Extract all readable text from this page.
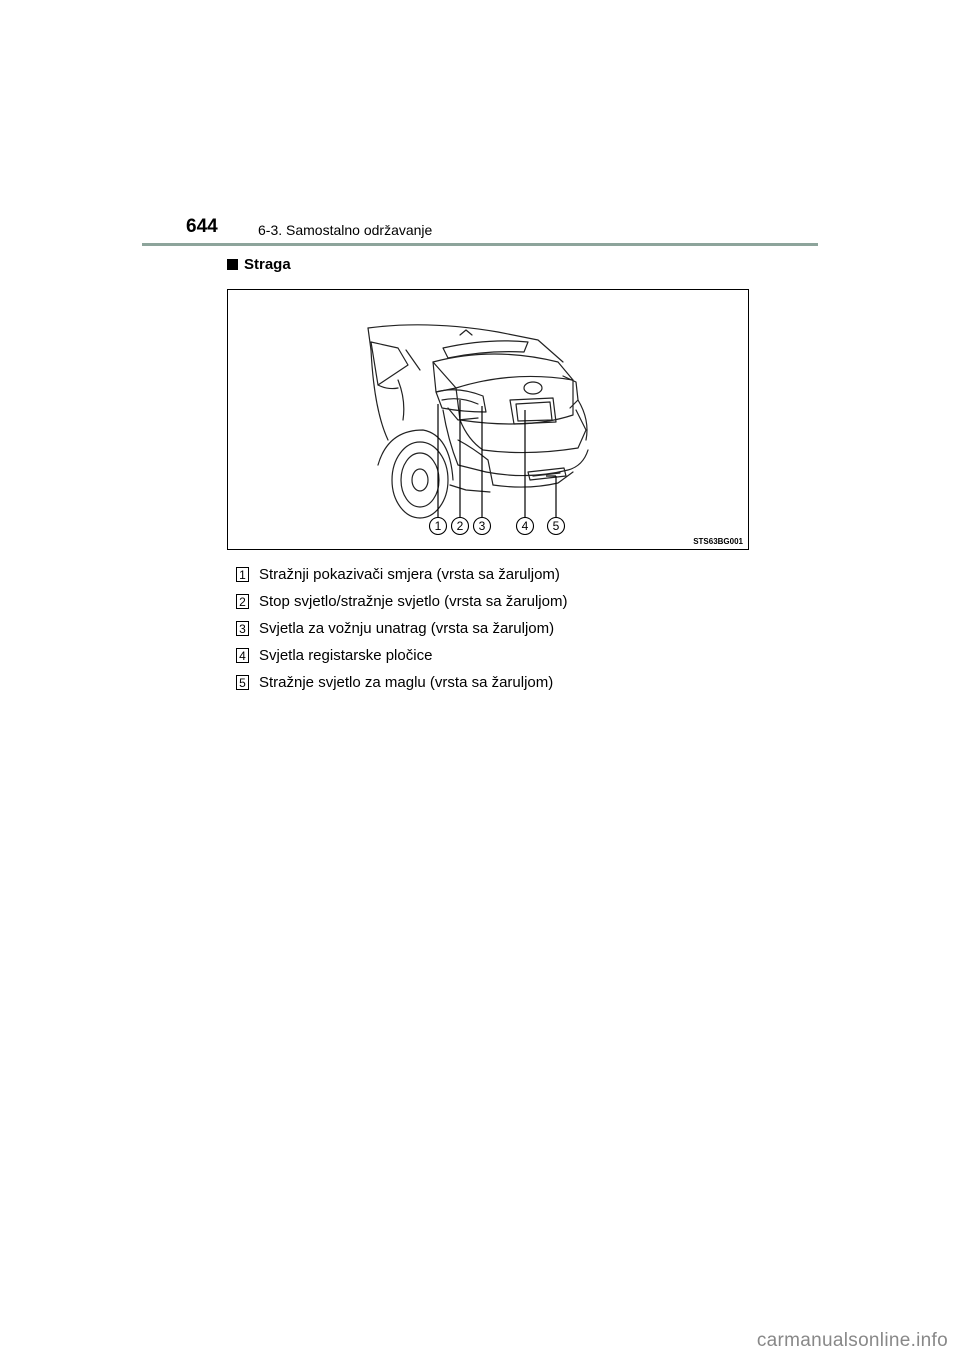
644	6-3. Samostalno održavanje
Straga
1 2 3	4 5
STS63BG001
1 Stražnji pokazivači smjera (vrsta sa žaruljom)
2 Stop svjetlo/stražnje svjetlo (vrsta sa žaruljom)
3 Svjetla za vožnju unatrag (vrsta sa žaruljom)
4 Svjetla registarske pločice
5 Stražnje svjetlo za maglu (vrsta sa žaruljom)
carmanualsonline.info
